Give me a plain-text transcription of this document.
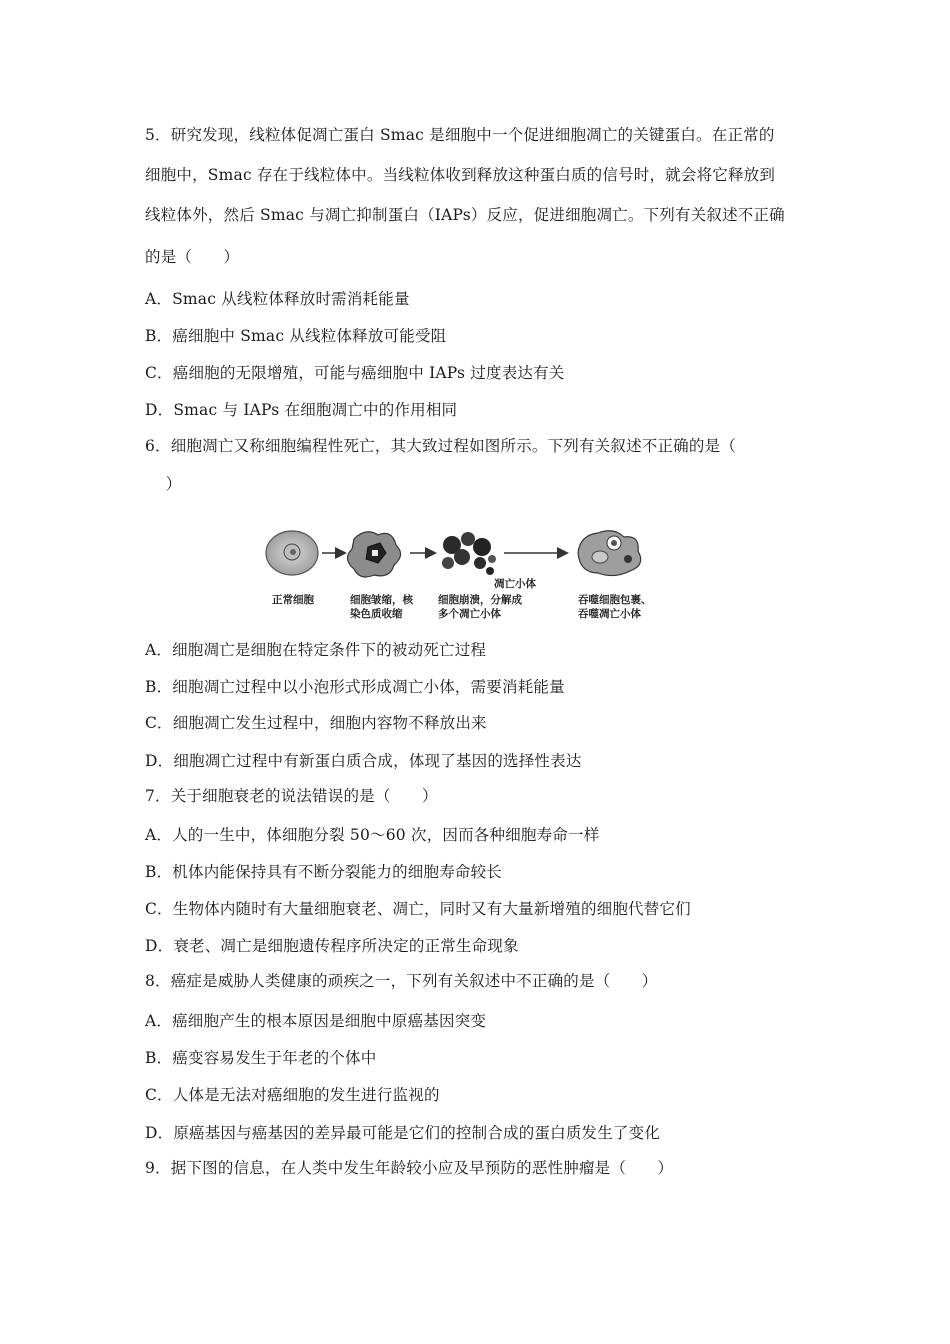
5．研究发现，线粒体促凋亡蛋白 Smac 是细胞中一个促进细胞凋亡的关键蛋白。在正常的
细胞中，Smac 存在于线粒体中。当线粒体收到释放这种蛋白质的信号时，就会将它释放到
线粒体外，然后 Smac 与凋亡抑制蛋白（IAPs）反应，促进细胞凋亡。下列有关叙述不正确
的是（　　）
A．Smac 从线粒体释放时需消耗能量
B．癌细胞中 Smac 从线粒体释放可能受阻
C．癌细胞的无限增殖，可能与癌细胞中 IAPs 过度表达有关
D．Smac 与 IAPs 在细胞凋亡中的作用相同
6．细胞凋亡又称细胞编程性死亡，其大致过程如图所示。下列有关叙述不正确的是（
　）
正常细胞	细胞皱缩，核
染色质收缩
凋亡小体
细胞崩溃，分解成
多个凋亡小体
吞噬细胞包裹、
吞噬凋亡小体
A．细胞凋亡是细胞在特定条件下的被动死亡过程
B．细胞凋亡过程中以小泡形式形成凋亡小体，需要消耗能量
C．细胞凋亡发生过程中，细胞内容物不释放出来
D．细胞凋亡过程中有新蛋白质合成，体现了基因的选择性表达
7．关于细胞衰老的说法错误的是（　　）
A．人的一生中，体细胞分裂 50～60 次，因而各种细胞寿命一样
B．机体内能保持具有不断分裂能力的细胞寿命较长
C．生物体内随时有大量细胞衰老、凋亡，同时又有大量新增殖的细胞代替它们
D．衰老、凋亡是细胞遗传程序所决定的正常生命现象
8．癌症是威胁人类健康的顽疾之一，下列有关叙述中不正确的是（　　）
A．癌细胞产生的根本原因是细胞中原癌基因突变
B．癌变容易发生于年老的个体中
C．人体是无法对癌细胞的发生进行监视的
D．原癌基因与癌基因的差异最可能是它们的控制合成的蛋白质发生了变化
9．据下图的信息，在人类中发生年龄较小应及早预防的恶性肿瘤是（　　）
